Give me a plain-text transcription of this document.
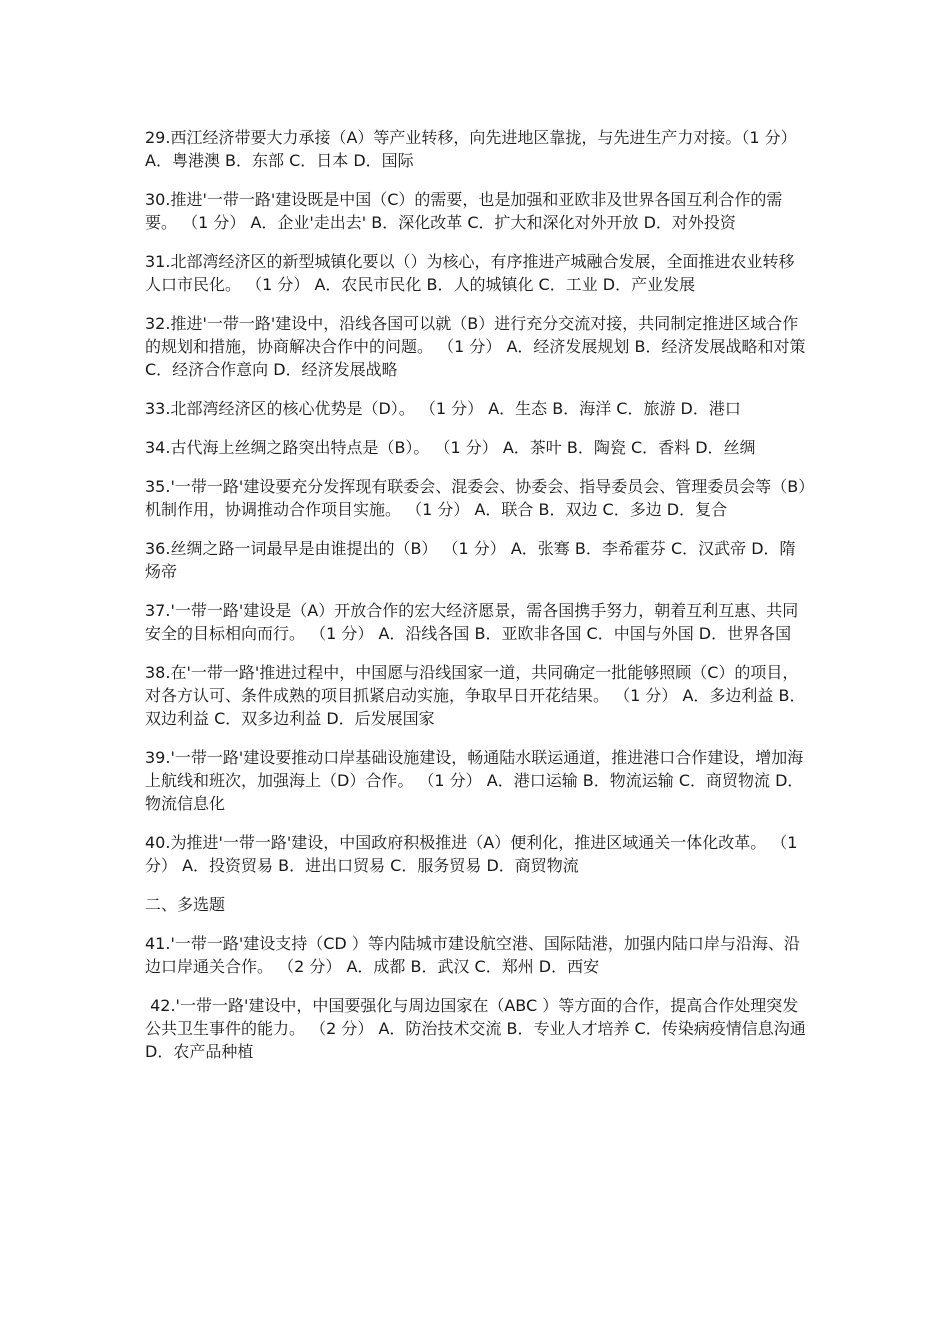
29.西江经济带要大力承接（A）等产业转移，向先进地区靠拢，与先进生产力对接。（1 分） A．粤港澳 B．东部 C．日本 D．国际

30.推进'一带一路'建设既是中国（C）的需要，也是加强和亚欧非及世界各国互利合作的需要。 （1 分） A．企业'走出去' B．深化改革 C．扩大和深化对外开放 D．对外投资

31.北部湾经济区的新型城镇化要以（）为核心，有序推进产城融合发展，全面推进农业转移人口市民化。 （1 分） A．农民市民化 B．人的城镇化 C．工业 D．产业发展

32.推进'一带一路'建设中，沿线各国可以就（B）进行充分交流对接，共同制定推进区域合作的规划和措施，协商解决合作中的问题。 （1 分） A．经济发展规划 B．经济发展战略和对策 C．经济合作意向 D．经济发展战略

33.北部湾经济区的核心优势是（D）。 （1 分） A．生态 B．海洋 C．旅游 D．港口

34.古代海上丝绸之路突出特点是（B）。 （1 分） A．茶叶 B．陶瓷 C．香料 D．丝绸

35.'一带一路'建设要充分发挥现有联委会、混委会、协委会、指导委员会、管理委员会等（B）机制作用，协调推动合作项目实施。 （1 分） A．联合 B．双边 C．多边 D．复合

36.丝绸之路一词最早是由谁提出的（B） （1 分） A．张骞 B．李希霍芬 C．汉武帝 D．隋炀帝

37.'一带一路'建设是（A）开放合作的宏大经济愿景，需各国携手努力，朝着互利互惠、共同安全的目标相向而行。 （1 分） A．沿线各国 B．亚欧非各国 C．中国与外国 D．世界各国

38.在'一带一路'推进过程中，中国愿与沿线国家一道，共同确定一批能够照顾（C）的项目，对各方认可、条件成熟的项目抓紧启动实施，争取早日开花结果。 （1 分） A．多边利益 B．双边利益 C．双多边利益 D．后发展国家

39.'一带一路'建设要推动口岸基础设施建设，畅通陆水联运通道，推进港口合作建设，增加海上航线和班次，加强海上（D）合作。 （1 分） A．港口运输 B．物流运输 C．商贸物流 D．物流信息化

40.为推进'一带一路'建设，中国政府积极推进（A）便利化，推进区域通关一体化改革。 （1 分） A．投资贸易 B．进出口贸易 C．服务贸易 D．商贸物流

二、多选题

41.'一带一路'建设支持（CD ）等内陆城市建设航空港、国际陆港，加强内陆口岸与沿海、沿边口岸通关合作。 （2 分） A．成都 B．武汉 C．郑州 D．西安

42.'一带一路'建设中，中国要强化与周边国家在（ABC ）等方面的合作，提高合作处理突发公共卫生事件的能力。 （2 分） A．防治技术交流 B．专业人才培养 C．传染病疫情信息沟通 D．农产品种植
